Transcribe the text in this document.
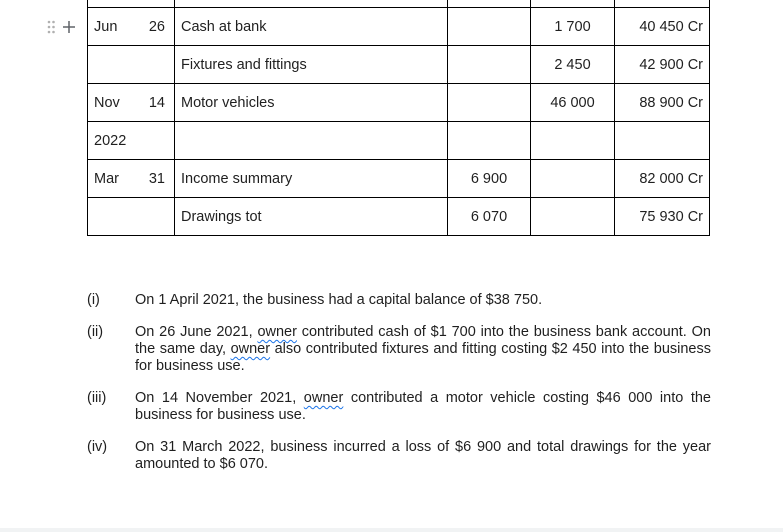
Jun 26	Cash at bank		1 700	40 450 Cr

	Fixtures and fittings		2 450	42 900 Cr

Nov 14	Motor vehicles		46 000	88 900 Cr

2022				

Mar 31	Income summary	6 900		82 000 Cr

	Drawings tot	6 070		75 930 Cr
(i)	On 1 April 2021, the business had a capital balance of $38 750.
(ii)	On 26 June 2021, owner contributed cash of $1 700 into the business bank account. On the same day, owner also contributed fixtures and fitting costing $2 450 into the business for business use.
(iii)	On 14 November 2021, owner contributed a motor vehicle costing $46 000 into the business for business use.
(iv)	On 31 March 2022, business incurred a loss of $6 900 and total drawings for the year amounted to $6 070.
